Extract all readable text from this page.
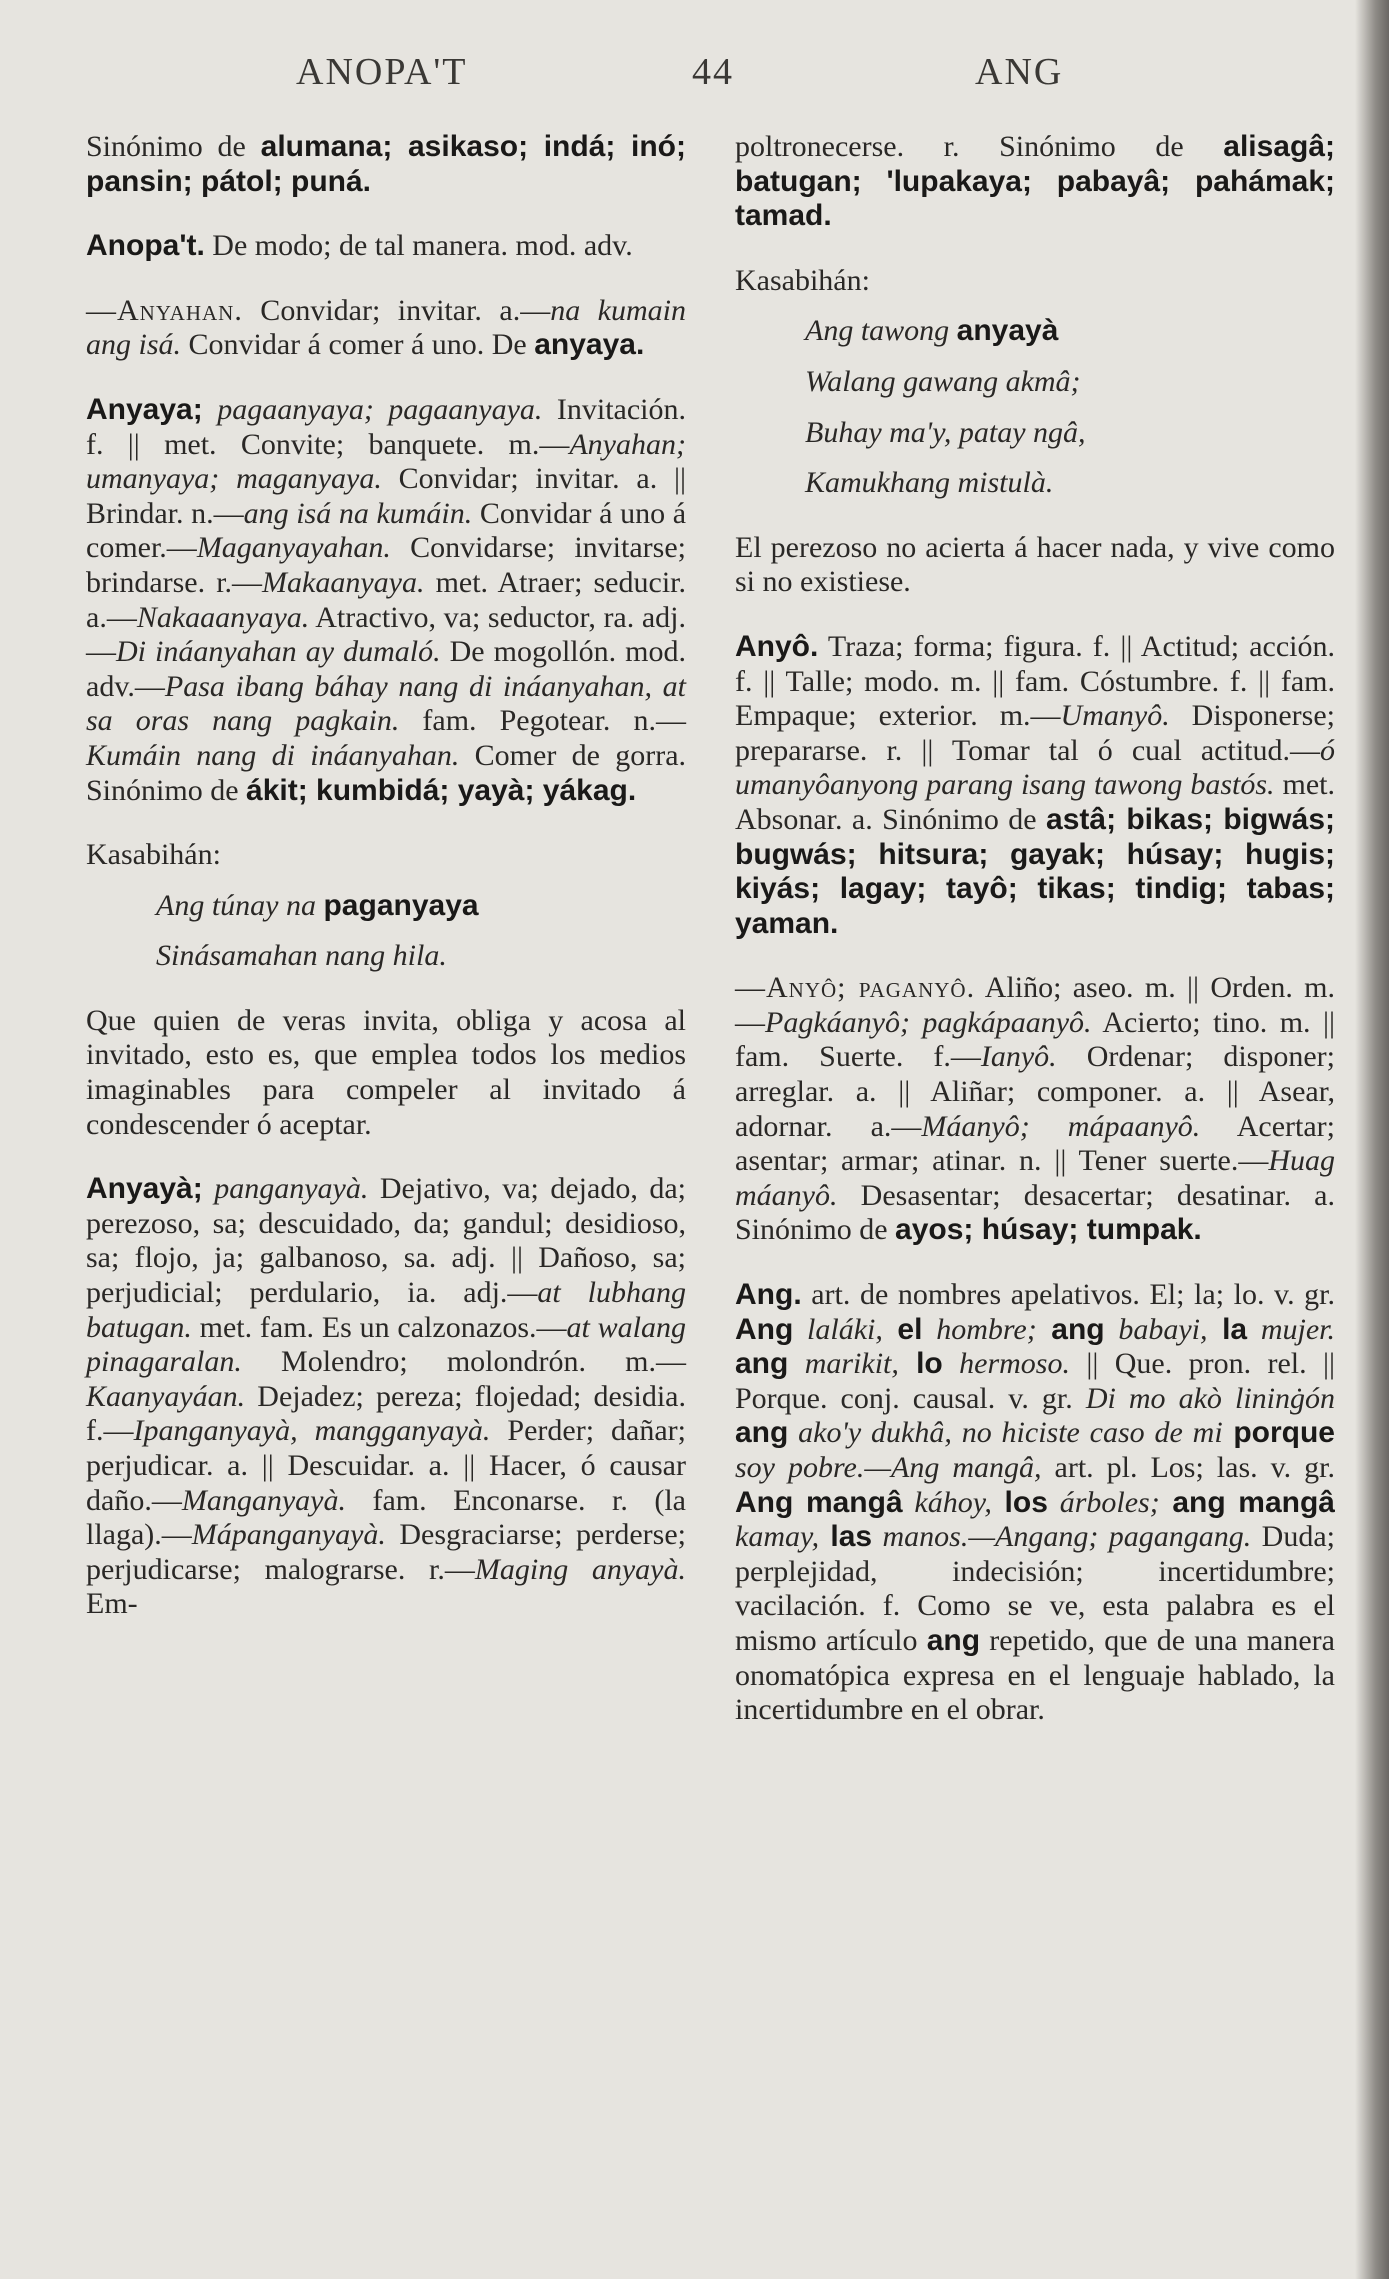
ANOPA'T	44	ANG

Sinónimo de alumana; asikaso; indá; inó; pansin; pátol; puná.

Anopa't. De modo; de tal manera. mod. adv.

—Anyahan. Convidar; invitar. a.—na kumain ang isá. Convidar á comer á uno. De anyaya.

Anyaya; pagaanyaya; pagaanyaya. Invitación. f. || met. Convite; banquete. m.—Anyahan; umanyaya; maganyaya. Convidar; invitar. a. || Brindar. n.—ang isá na kumáin. Convidar á uno á comer.—Maganyayahan. Convidarse; invitarse; brindarse. r.—Makaanyaya. met. Atraer; seducir. a.—Nakaaanyaya. Atractivo, va; seductor, ra. adj.—Di ináanyahan ay dumaló. De mogollón. mod. adv.—Pasa ibang báhay nang di ináanyahan, at sa oras nang pagkain. fam. Pegotear. n.—Kumáin nang di ináanyahan. Comer de gorra. Sinónimo de ákit; kumbidá; yayà; yákag.

Kasabihán:

Ang túnay na paganyaya

Sinásamahan nang hila.

Que quien de veras invita, obliga y acosa al invitado, esto es, que emplea todos los medios imaginables para compeler al invitado á condescender ó aceptar.

Anyayà; panganyayà. Dejativo, va; dejado, da; perezoso, sa; descuidado, da; gandul; desidioso, sa; flojo, ja; galbanoso, sa. adj. || Dañoso, sa; perjudicial; perdulario, ia. adj.—at lubhang batugan. met. fam. Es un calzonazos.—at walang pinagaralan. Molendro; molondrón. m.—Kaanyayáan. Dejadez; pereza; flojedad; desidia. f.—Ipanganyayà, mangganyayà. Perder; dañar; perjudicar. a. || Descuidar. a. || Hacer, ó causar daño.—Manganyayà. fam. Enconarse. r. (la llaga).—Mápanganyayà. Desgraciarse; perderse; perjudicarse; malograrse. r.—Maging anyayà. Em-

poltronecerse. r. Sinónimo de alisagâ; batugan; 'lupakaya; pabayâ; pahámak; tamad.

Kasabihán:

Ang tawong anyayà

Walang gawang akmâ;

Buhay ma'y, patay ngâ,

Kamukhang mistulà.

El perezoso no acierta á hacer nada, y vive como si no existiese.

Anyô. Traza; forma; figura. f. || Actitud; acción. f. || Talle; modo. m. || fam. Cóstumbre. f. || fam. Empaque; exterior. m.—Umanyô. Disponerse; prepararse. r. || Tomar tal ó cual actitud.—ó umanyôanyong parang isang tawong bastós. met. Absonar. a. Sinónimo de astâ; bikas; bigwás; bugwás; hitsura; gayak; húsay; hugis; kiyás; lagay; tayô; tikas; tindig; tabas; yaman.

—Anyô; paganyô. Aliño; aseo. m. || Orden. m.—Pagkáanyô; pagkápaanyô. Acierto; tino. m. || fam. Suerte. f.—Ianyô. Ordenar; disponer; arreglar. a. || Aliñar; componer. a. || Asear, adornar. a.—Máanyô; mápaanyô. Acertar; asentar; armar; atinar. n. || Tener suerte.—Huag máanyô. Desasentar; desacertar; desatinar. a. Sinónimo de ayos; húsay; tumpak.

Ang. art. de nombres apelativos. El; la; lo. v. gr. Ang laláki, el hombre; ang babayi, la mujer. ang marikit, lo hermoso. || Que. pron. rel. || Porque. conj. causal. v. gr. Di mo akò lininġón ang ako'y dukhâ, no hiciste caso de mi porque soy pobre.—Ang mangâ, art. pl. Los; las. v. gr. Ang mangâ káhoy, los árboles; ang mangâ kamay, las manos.—Angang; pagangang. Duda; perplejidad, indecisión; incertidumbre; vacilación. f. Como se ve, esta palabra es el mismo artículo ang repetido, que de una manera onomatópica expresa en el lenguaje hablado, la incertidumbre en el obrar.
